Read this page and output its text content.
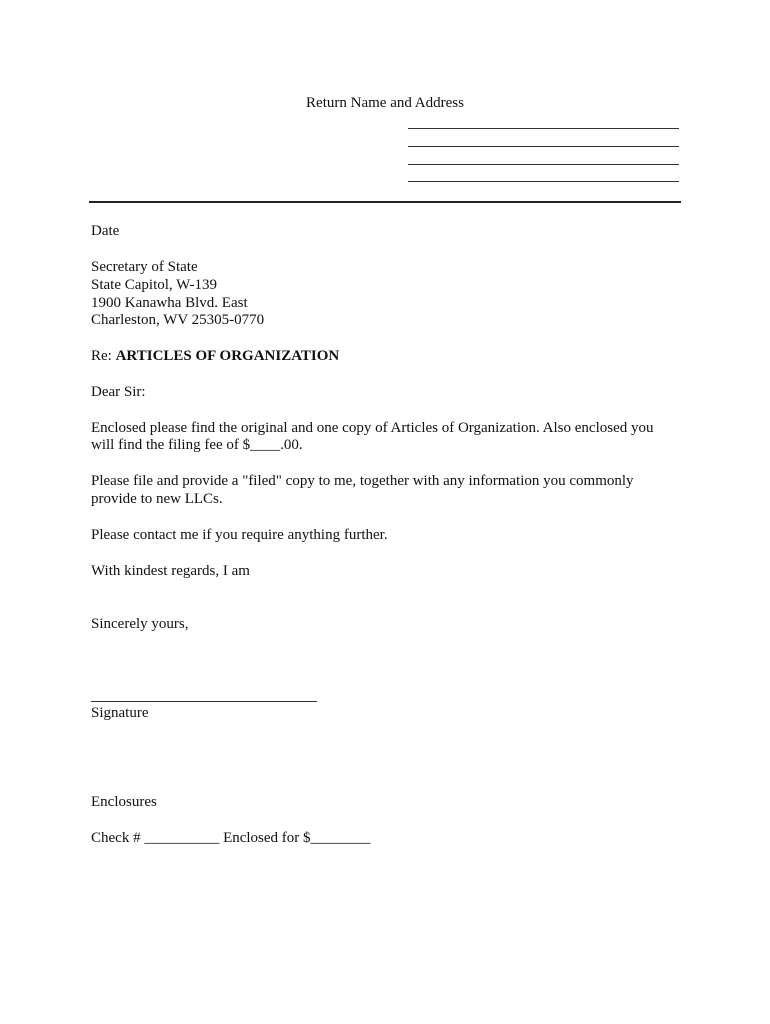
Return Name and Address
Date
Secretary of State
State Capitol, W-139
1900 Kanawha Blvd. East
Charleston, WV 25305-0770
Re: ARTICLES OF ORGANIZATION
Dear Sir:
Enclosed please find the original and one copy of Articles of Organization. Also enclosed you
will find the filing fee of $____.00.
Please file and provide a "filed" copy to me, together with any information you commonly
provide to new LLCs.
Please contact me if you require anything further.
With kindest regards, I am
Sincerely yours,
Signature
Enclosures
Check # __________ Enclosed for $________
